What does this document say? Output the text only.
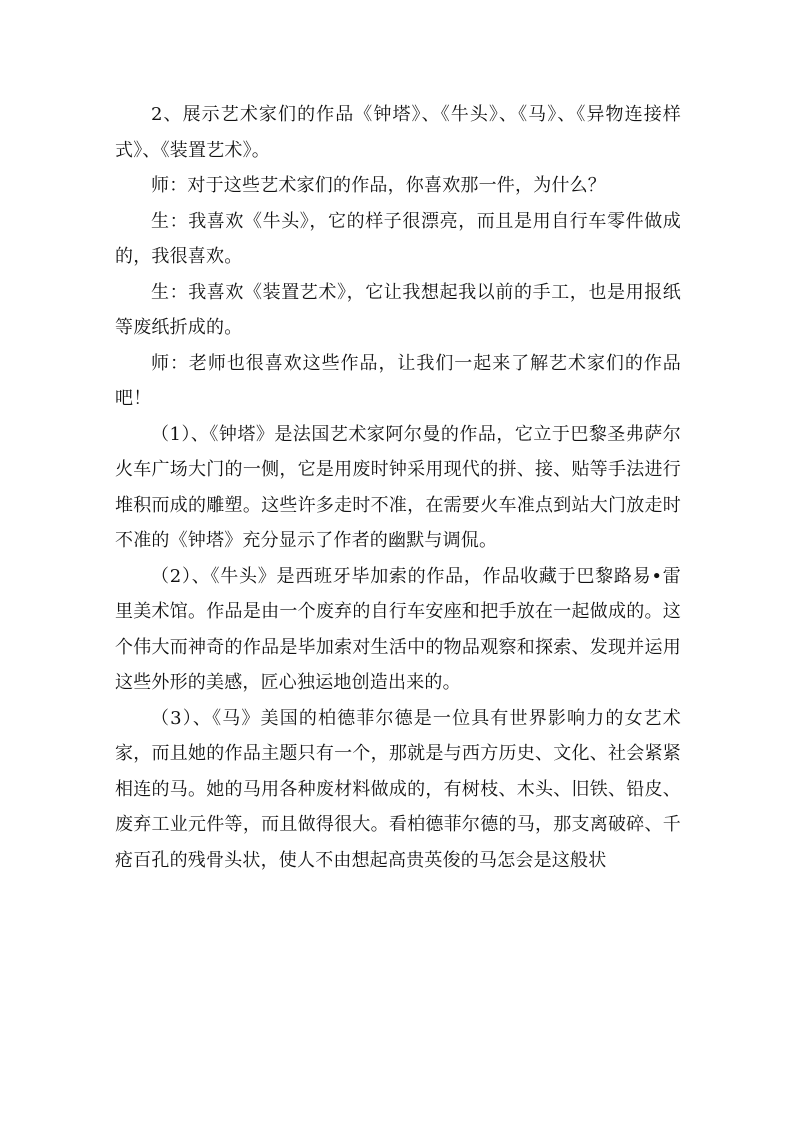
2、展示艺术家们的作品《钟塔》、《牛头》、《马》、《异物连接样式》、《装置艺术》。

师：对于这些艺术家们的作品，你喜欢那一件，为什么？

生：我喜欢《牛头》，它的样子很漂亮，而且是用自行车零件做成的，我很喜欢。

生：我喜欢《装置艺术》，它让我想起我以前的手工，也是用报纸等废纸折成的。

师：老师也很喜欢这些作品，让我们一起来了解艺术家们的作品吧！

（1）、《钟塔》是法国艺术家阿尔曼的作品，它立于巴黎圣弗萨尔火车广场大门的一侧，它是用废时钟采用现代的拼、接、贴等手法进行堆积而成的雕塑。这些许多走时不准，在需要火车准点到站大门放走时不准的《钟塔》充分显示了作者的幽默与调侃。

（2）、《牛头》是西班牙毕加索的作品，作品收藏于巴黎路易•雷里美术馆。作品是由一个废弃的自行车安座和把手放在一起做成的。这个伟大而神奇的作品是毕加索对生活中的物品观察和探索、发现并运用这些外形的美感，匠心独运地创造出来的。

（3）、《马》美国的柏德菲尔德是一位具有世界影响力的女艺术家，而且她的作品主题只有一个，那就是与西方历史、文化、社会紧紧相连的马。她的马用各种废材料做成的，有树枝、木头、旧铁、铅皮、废弃工业元件等，而且做得很大。看柏德菲尔德的马，那支离破碎、千疮百孔的残骨头状，使人不由想起高贵英俊的马怎会是这般状
